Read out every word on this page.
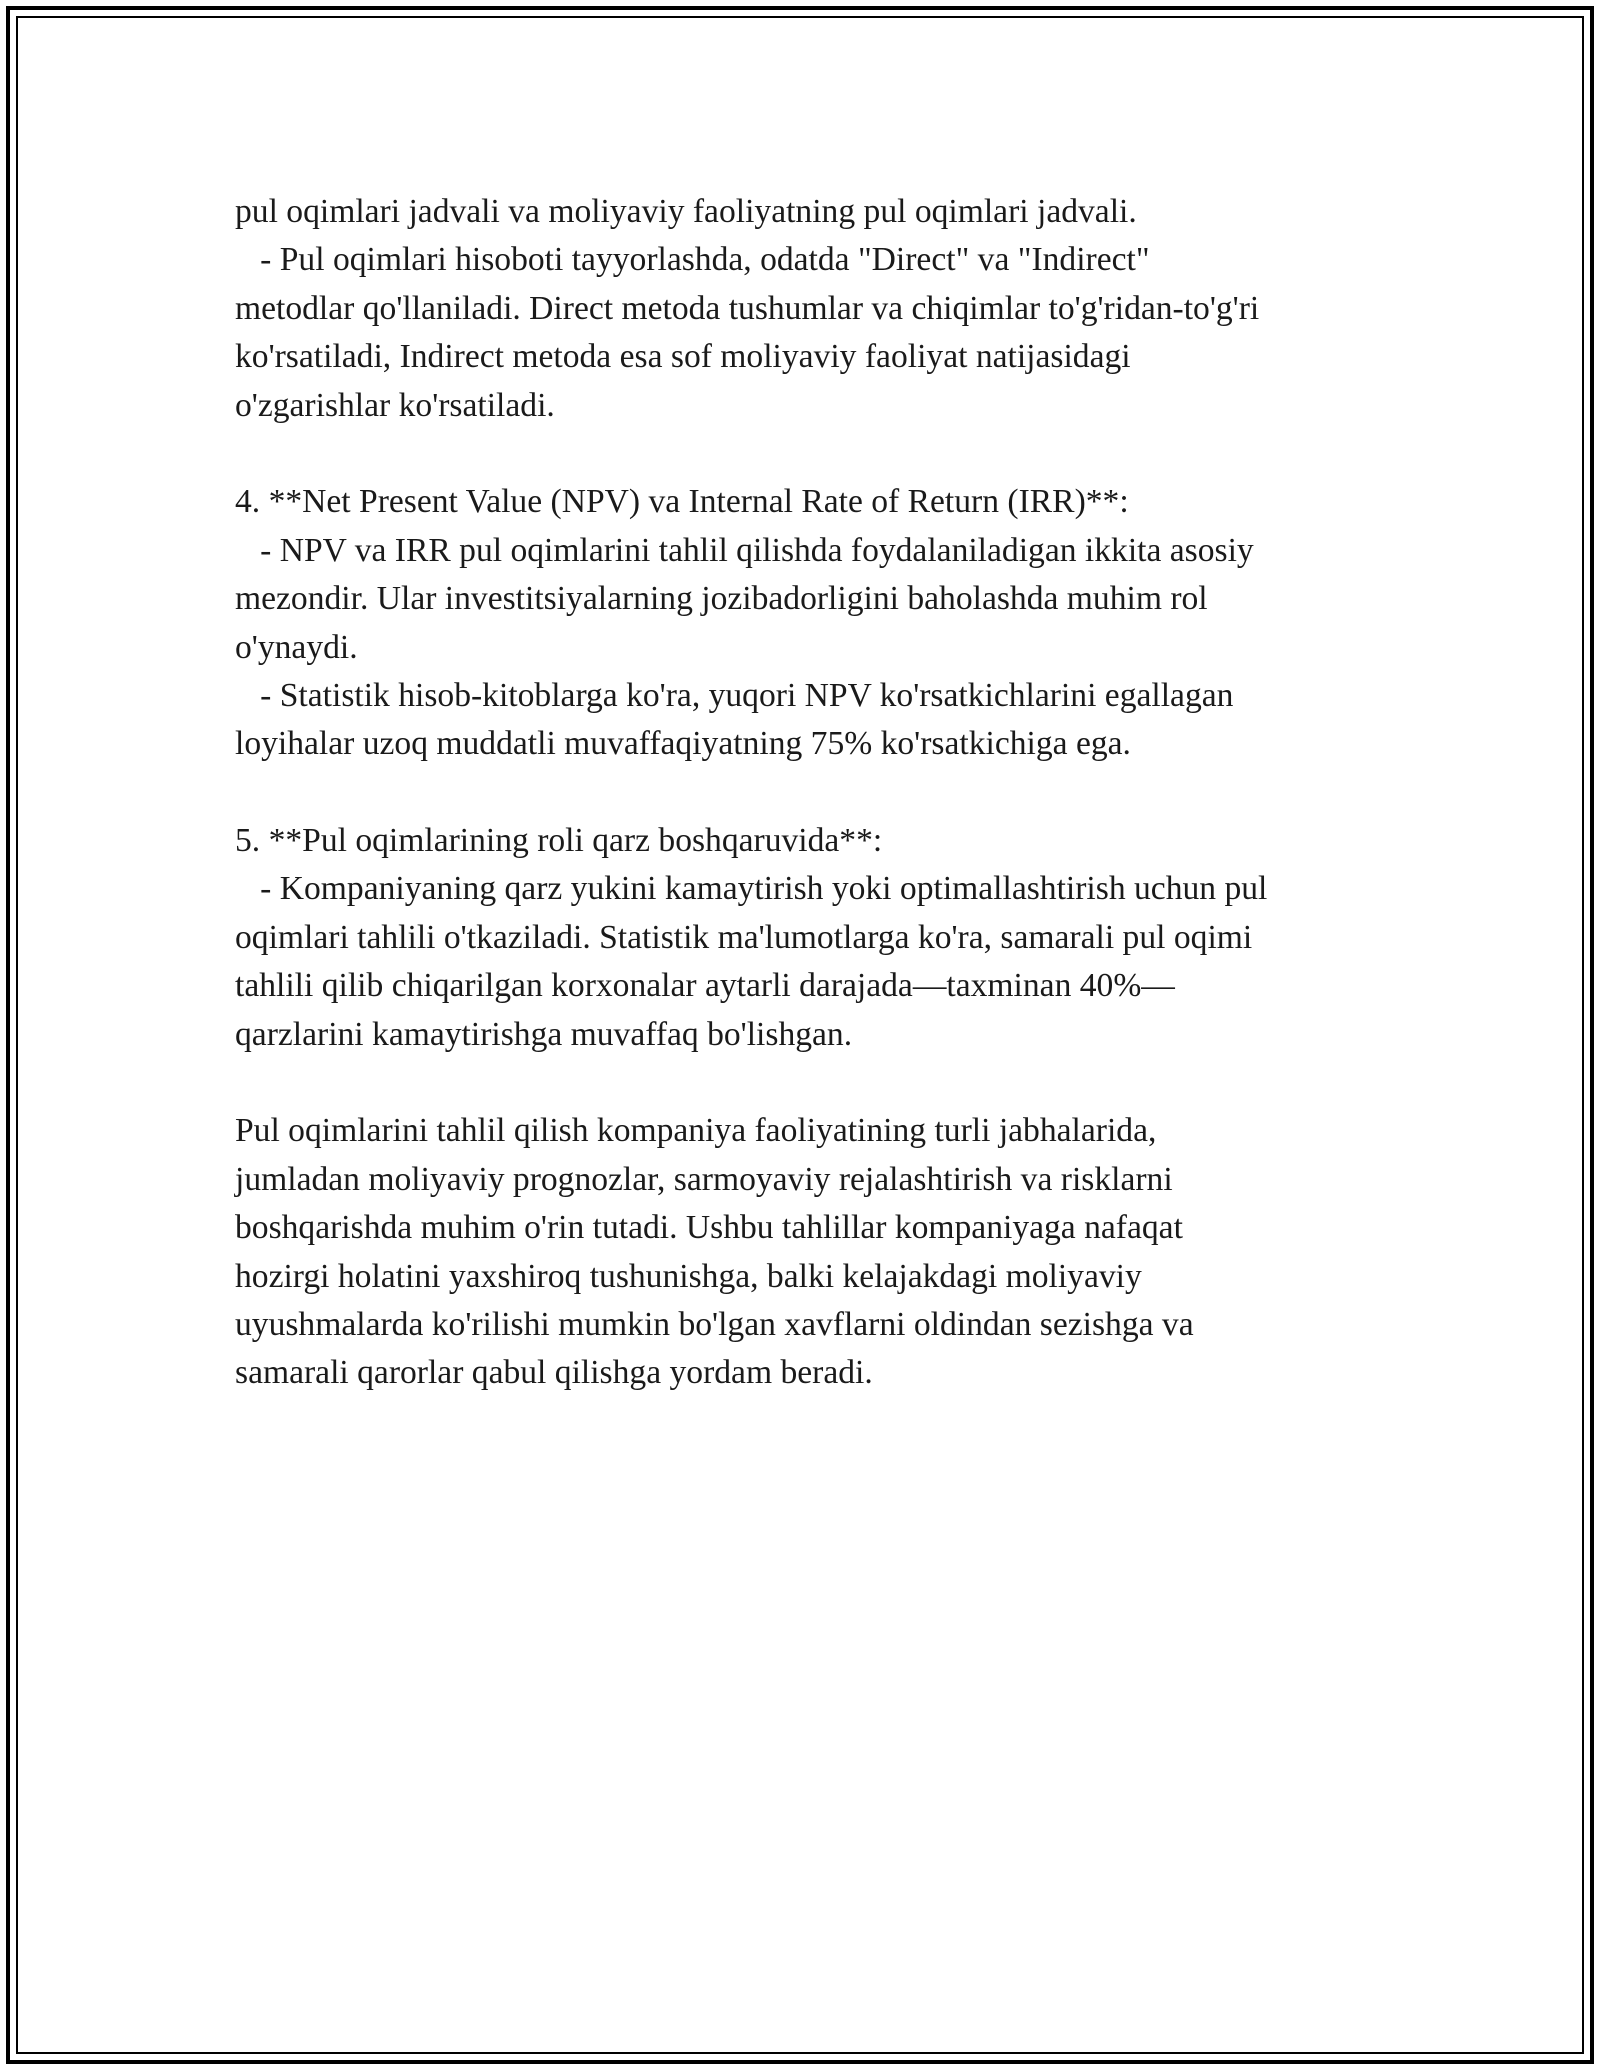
pul oqimlari jadvali va moliyaviy faoliyatning pul oqimlari jadvali.
- Pul oqimlari hisoboti tayyorlashda, odatda "Direct" va "Indirect"
metodlar qo'llaniladi. Direct metoda tushumlar va chiqimlar to'g'ridan-to'g'ri
ko'rsatiladi, Indirect metoda esa sof moliyaviy faoliyat natijasidagi
o'zgarishlar ko'rsatiladi.
4. **Net Present Value (NPV) va Internal Rate of Return (IRR)**:
- NPV va IRR pul oqimlarini tahlil qilishda foydalaniladigan ikkita asosiy
mezondir. Ular investitsiyalarning jozibadorligini baholashda muhim rol
o'ynaydi.
- Statistik hisob-kitoblarga ko'ra, yuqori NPV ko'rsatkichlarini egallagan
loyihalar uzoq muddatli muvaffaqiyatning 75% ko'rsatkichiga ega.
5. **Pul oqimlarining roli qarz boshqaruvida**:
- Kompaniyaning qarz yukini kamaytirish yoki optimallashtirish uchun pul
oqimlari tahlili o'tkaziladi. Statistik ma'lumotlarga ko'ra, samarali pul oqimi
tahlili qilib chiqarilgan korxonalar aytarli darajada—taxminan 40%—
qarzlarini kamaytirishga muvaffaq bo'lishgan.
Pul oqimlarini tahlil qilish kompaniya faoliyatining turli jabhalarida,
jumladan moliyaviy prognozlar, sarmoyaviy rejalashtirish va risklarni
boshqarishda muhim o'rin tutadi. Ushbu tahlillar kompaniyaga nafaqat
hozirgi holatini yaxshiroq tushunishga, balki kelajakdagi moliyaviy
uyushmalarda ko'rilishi mumkin bo'lgan xavflarni oldindan sezishga va
samarali qarorlar qabul qilishga yordam beradi.
